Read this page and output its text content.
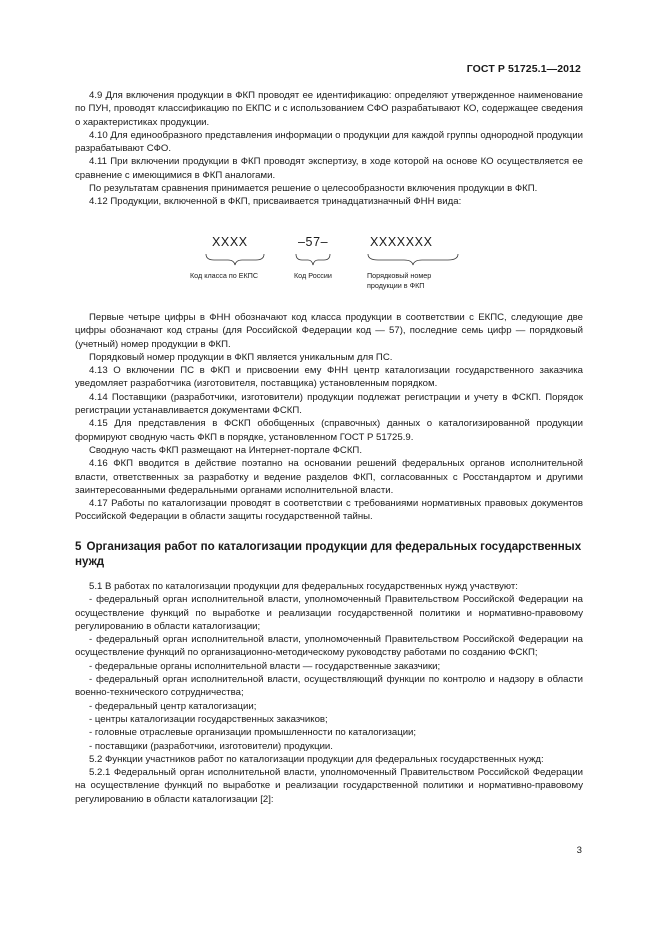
ГОСТ Р 51725.1—2012

4.9 Для включения продукции в ФКП проводят ее идентификацию: определяют утвержденное наименование по ПУН, проводят классификацию по ЕКПС и с использованием СФО разрабатывают КО, содержащее сведения о характеристиках продукции.

4.10 Для единообразного представления информации о продукции для каждой группы однородной продукции разрабатывают СФО.

4.11 При включении продукции в ФКП проводят экспертизу, в ходе которой на основе КО осуществляется ее сравнение с имеющимися в ФКП аналогами.

По результатам сравнения принимается решение о целесообразности включения продукции в ФКП.

4.12 Продукции, включенной в ФКП, присваивается тринадцатизначный ФНН вида:

XXXX	–57–	XXXXXXX
Код класса по ЕКПС	Код России	Порядковый номер
продукции в ФКП

Первые четыре цифры в ФНН обозначают код класса продукции в соответствии с ЕКПС, следующие две цифры обозначают код страны (для Российской Федерации код — 57), последние семь цифр — порядковый (учетный) номер продукции в ФКП.

Порядковый номер продукции в ФКП является уникальным для ПС.

4.13 О включении ПС в ФКП и присвоении ему ФНН центр каталогизации государственного заказчика уведомляет разработчика (изготовителя, поставщика) установленным порядком.

4.14 Поставщики (разработчики, изготовители) продукции подлежат регистрации и учету в ФСКП. Порядок регистрации устанавливается документами ФСКП.

4.15 Для представления в ФСКП обобщенных (справочных) данных о каталогизированной продукции формируют сводную часть ФКП в порядке, установленном ГОСТ Р 51725.9.

Сводную часть ФКП размещают на Интернет-портале ФСКП.

4.16 ФКП вводится в действие поэтапно на основании решений федеральных органов исполнительной власти, ответственных за разработку и ведение разделов ФКП, согласованных с Росстандартом и другими заинтересованными федеральными органами исполнительной власти.

4.17 Работы по каталогизации проводят в соответствии с требованиями нормативных правовых документов Российской Федерации в области защиты государственной тайны.

5 Организация работ по каталогизации продукции для федеральных государственных нужд

5.1 В работах по каталогизации продукции для федеральных государственных нужд участвуют:

- федеральный орган исполнительной власти, уполномоченный Правительством Российской Федерации на осуществление функций по выработке и реализации государственной политики и нормативно-правовому регулированию в области каталогизации;

- федеральный орган исполнительной власти, уполномоченный Правительством Российской Федерации на осуществление функций по организационно-методическому руководству работами по созданию ФСКП;

- федеральные органы исполнительной власти — государственные заказчики;

- федеральный орган исполнительной власти, осуществляющий функции по контролю и надзору в области военно-технического сотрудничества;

- федеральный центр каталогизации;

- центры каталогизации государственных заказчиков;

- головные отраслевые организации промышленности по каталогизации;

- поставщики (разработчики, изготовители) продукции.

5.2 Функции участников работ по каталогизации продукции для федеральных государственных нужд:

5.2.1 Федеральный орган исполнительной власти, уполномоченный Правительством Российской Федерации на осуществление функций по выработке и реализации государственной политики и нормативно-правовому регулированию в области каталогизации [2]:

3
